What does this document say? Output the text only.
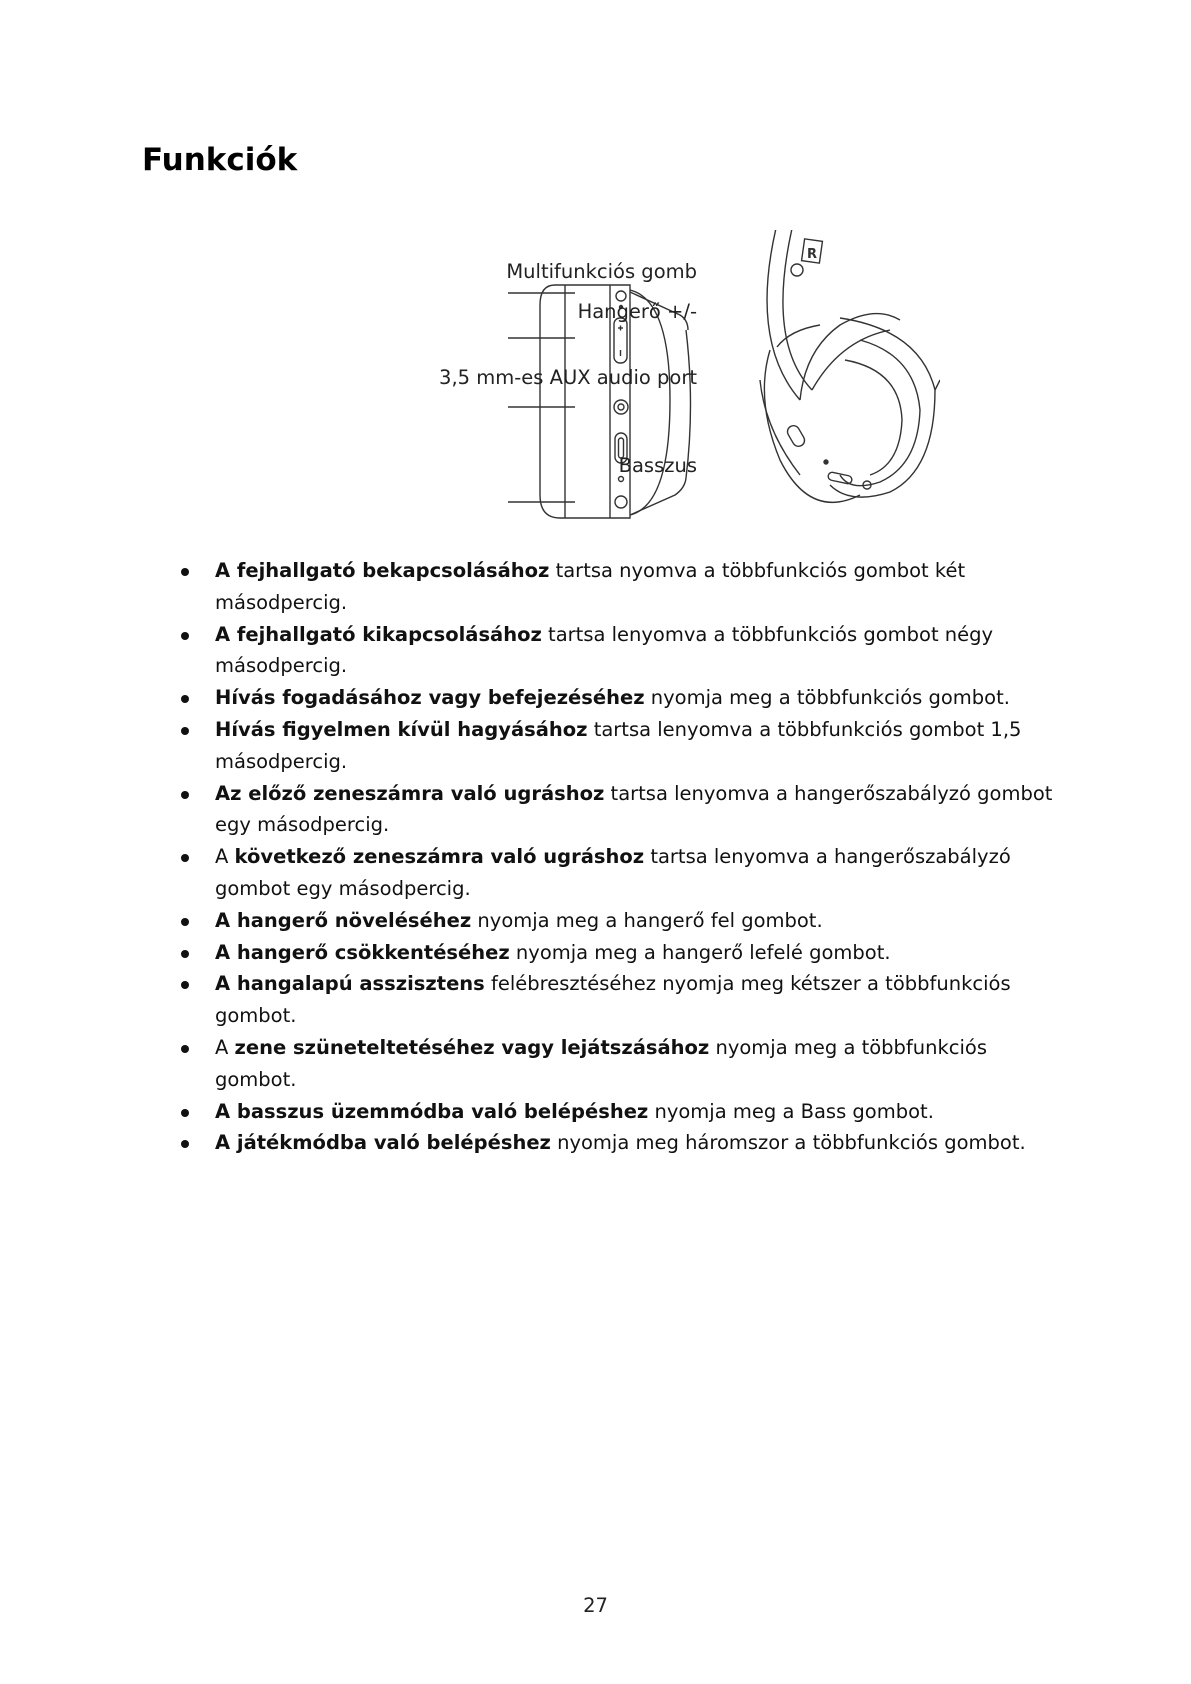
Funkciók
R
Multifunkciós gomb
Hangerő +/-
3,5 mm-es AUX audio port
Basszus
A fejhallgató bekapcsolásához tartsa nyomva a többfunkciós gombot két másodpercig.
A fejhallgató kikapcsolásához tartsa lenyomva a többfunkciós gombot négy másodpercig.
Hívás fogadásához vagy befejezéséhez nyomja meg a többfunkciós gombot.
Hívás figyelmen kívül hagyásához tartsa lenyomva a többfunkciós gombot 1,5 másodpercig.
Az előző zeneszámra való ugráshoz tartsa lenyomva a hangerőszabályzó gombot egy másodpercig.
A következő zeneszámra való ugráshoz tartsa lenyomva a hangerőszabályzó gombot egy másodpercig.
A hangerő növeléséhez nyomja meg a hangerő fel gombot.
A hangerő csökkentéséhez nyomja meg a hangerő lefelé gombot.
A hangalapú asszisztens felébresztéséhez nyomja meg kétszer a többfunkciós gombot.
A zene szüneteltetéséhez vagy lejátszásához nyomja meg a többfunkciós gombot.
A basszus üzemmódba való belépéshez nyomja meg a Bass gombot.
A játékmódba való belépéshez nyomja meg háromszor a többfunkciós gombot.
27
